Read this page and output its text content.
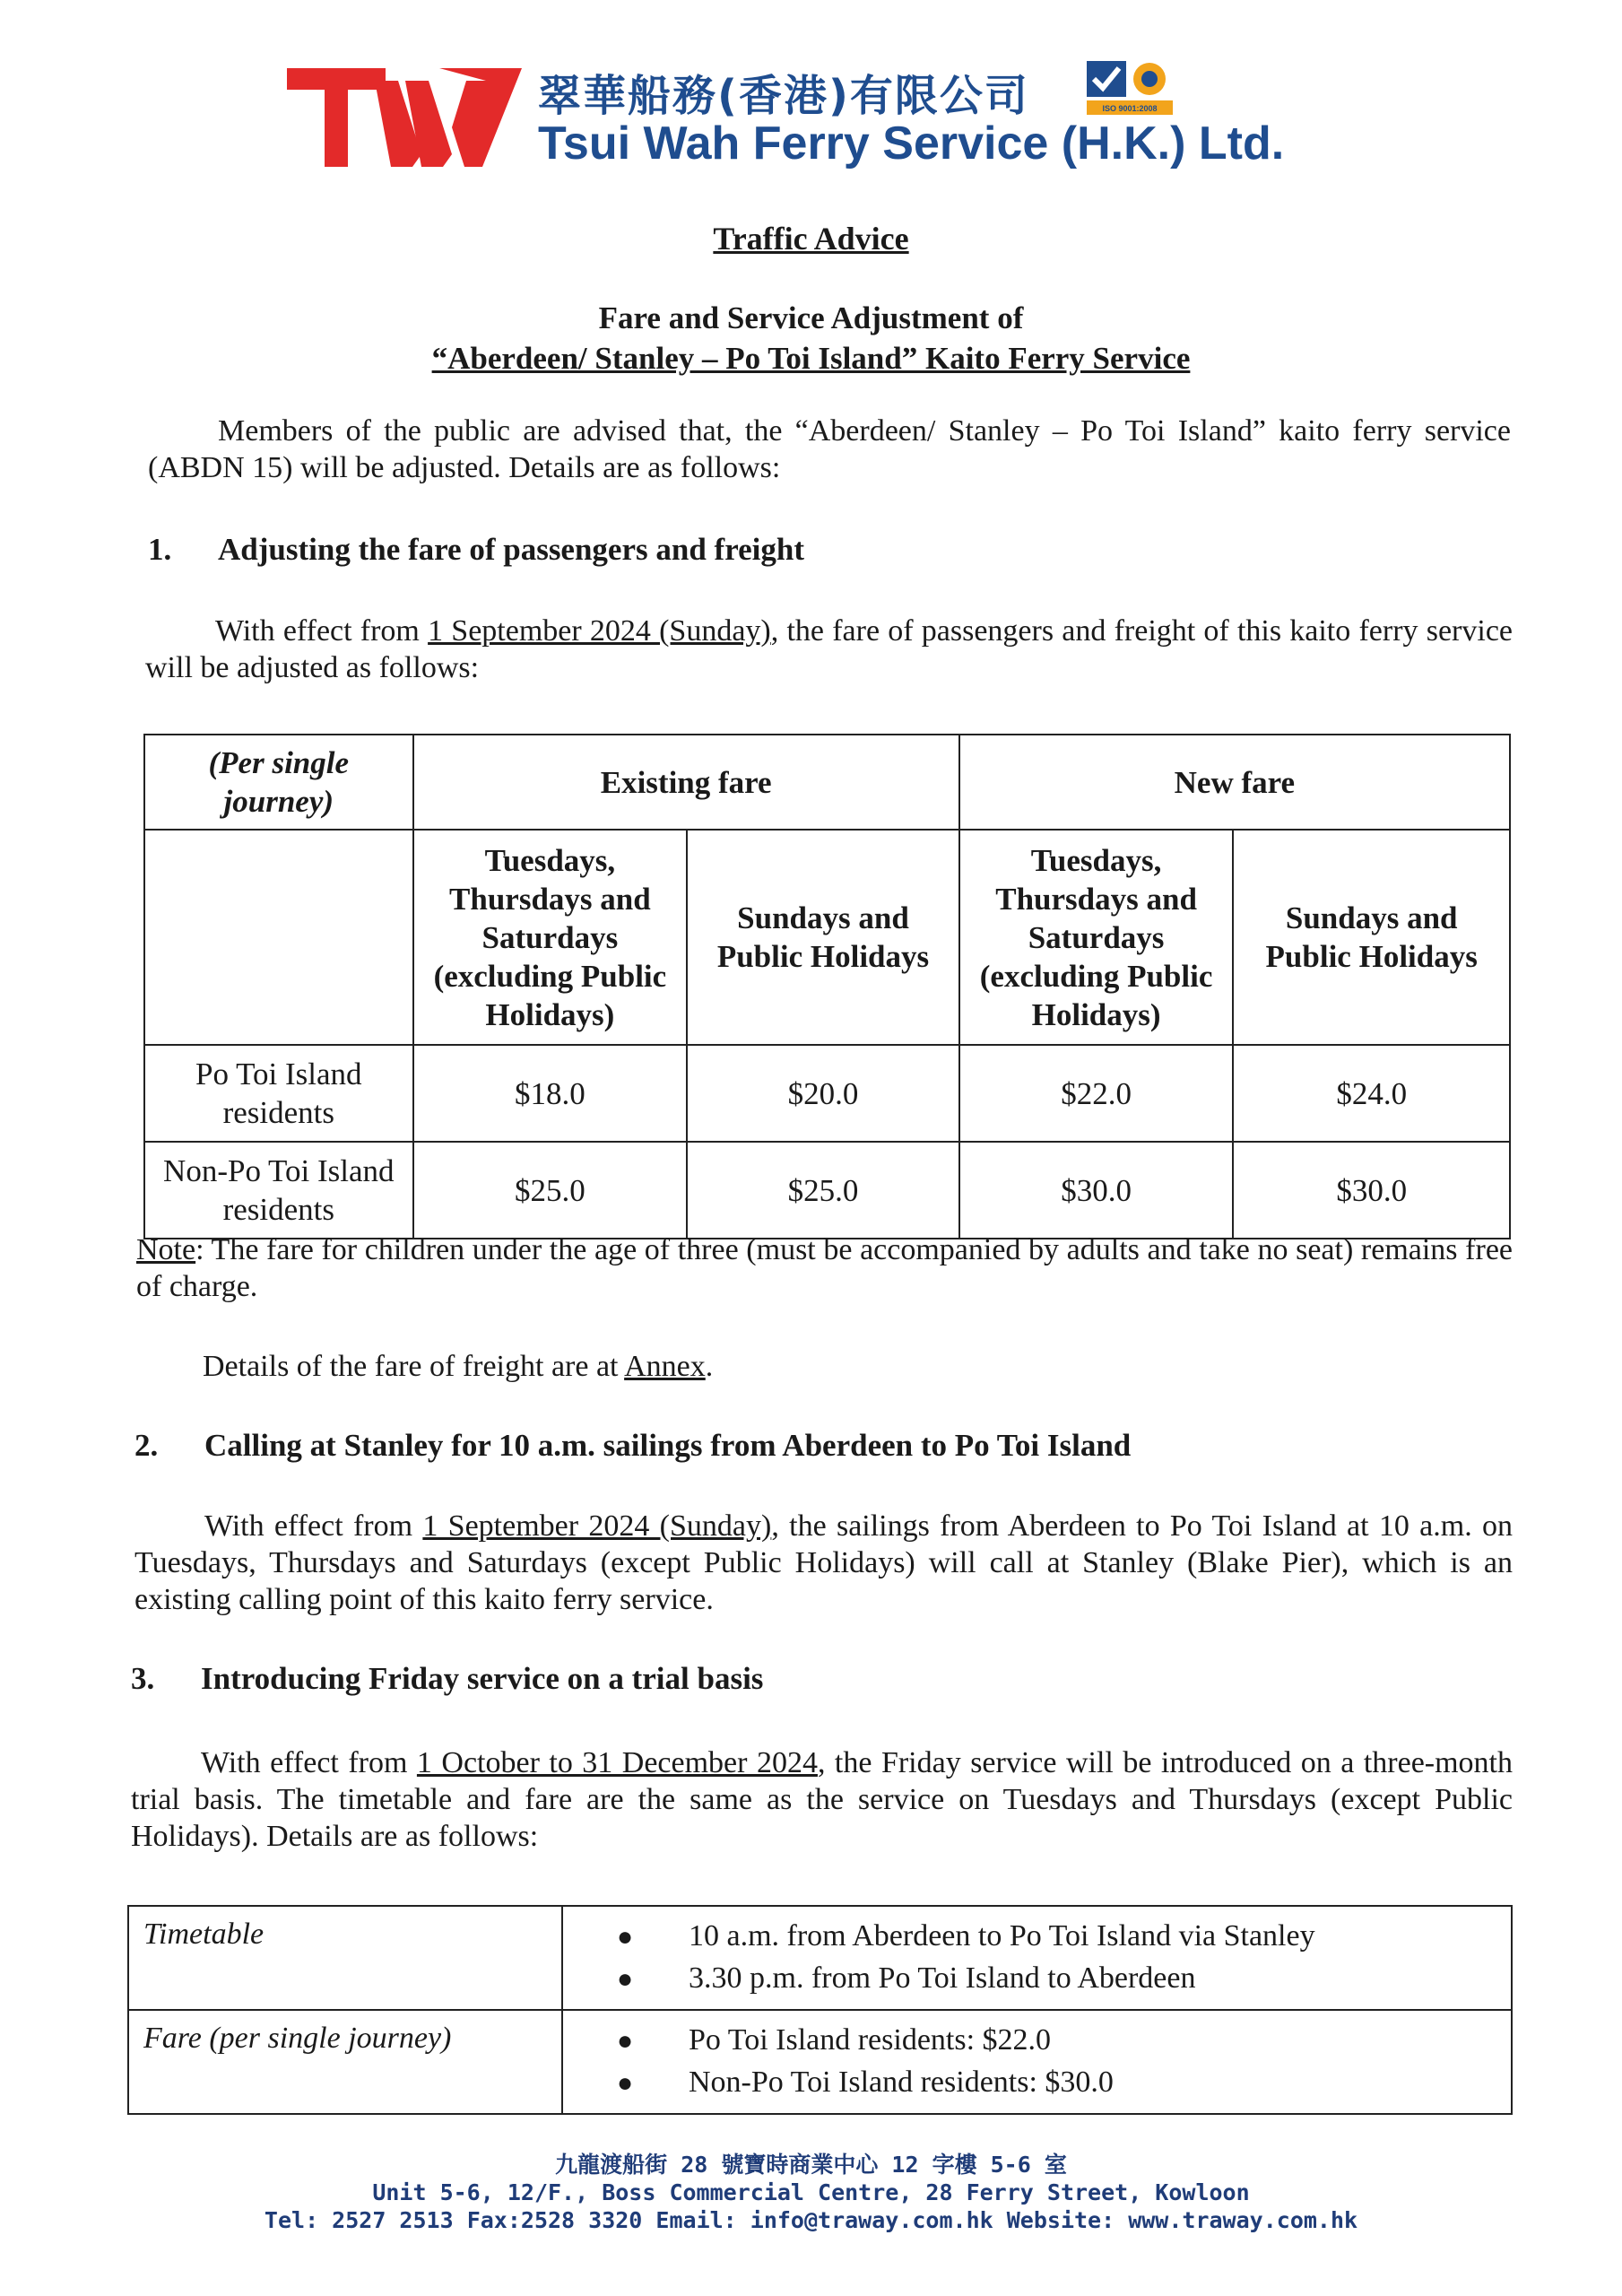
翠華船務(香港)有限公司
Tsui Wah Ferry Service (H.K.) Ltd.
ISO 9001:2008
Traffic Advice
Fare and Service Adjustment of
“Aberdeen/ Stanley – Po Toi Island” Kaito Ferry Service
Members of the public are advised that, the “Aberdeen/ Stanley – Po Toi Island” kaito ferry service (ABDN 15) will be adjusted. Details are as follows:
1. Adjusting the fare of passengers and freight
With effect from 1 September 2024 (Sunday), the fare of passengers and freight of this kaito ferry service will be adjusted as follows:
(Per single journey)	Existing fare		New fare	
	Tuesdays, Thursdays and Saturdays (excluding Public Holidays)	Sundays and Public Holidays	Tuesdays, Thursdays and Saturdays (excluding Public Holidays)	Sundays and Public Holidays
Po Toi Island residents	$18.0	$20.0	$22.0	$24.0
Non-Po Toi Island residents	$25.0	$25.0	$30.0	$30.0
Note: The fare for children under the age of three (must be accompanied by adults and take no seat) remains free of charge.
Details of the fare of freight are at Annex.
2. Calling at Stanley for 10 a.m. sailings from Aberdeen to Po Toi Island
With effect from 1 September 2024 (Sunday), the sailings from Aberdeen to Po Toi Island at 10 a.m. on Tuesdays, Thursdays and Saturdays (except Public Holidays) will call at Stanley (Blake Pier), which is an existing calling point of this kaito ferry service.
3. Introducing Friday service on a trial basis
With effect from 1 October to 31 December 2024, the Friday service will be introduced on a three-month trial basis. The timetable and fare are the same as the service on Tuesdays and Thursdays (except Public Holidays). Details are as follows:
Timetable	● 10 a.m. from Aberdeen to Po Toi Island via Stanley
● 3.30 p.m. from Po Toi Island to Aberdeen

Fare (per single journey)	● Po Toi Island residents: $22.0
● Non-Po Toi Island residents: $30.0
九龍渡船街 28 號寶時商業中心 12 字樓 5-6 室
Unit 5-6, 12/F., Boss Commercial Centre, 28 Ferry Street, Kowloon
Tel: 2527 2513 Fax:2528 3320 Email: info@traway.com.hk Website: www.traway.com.hk
